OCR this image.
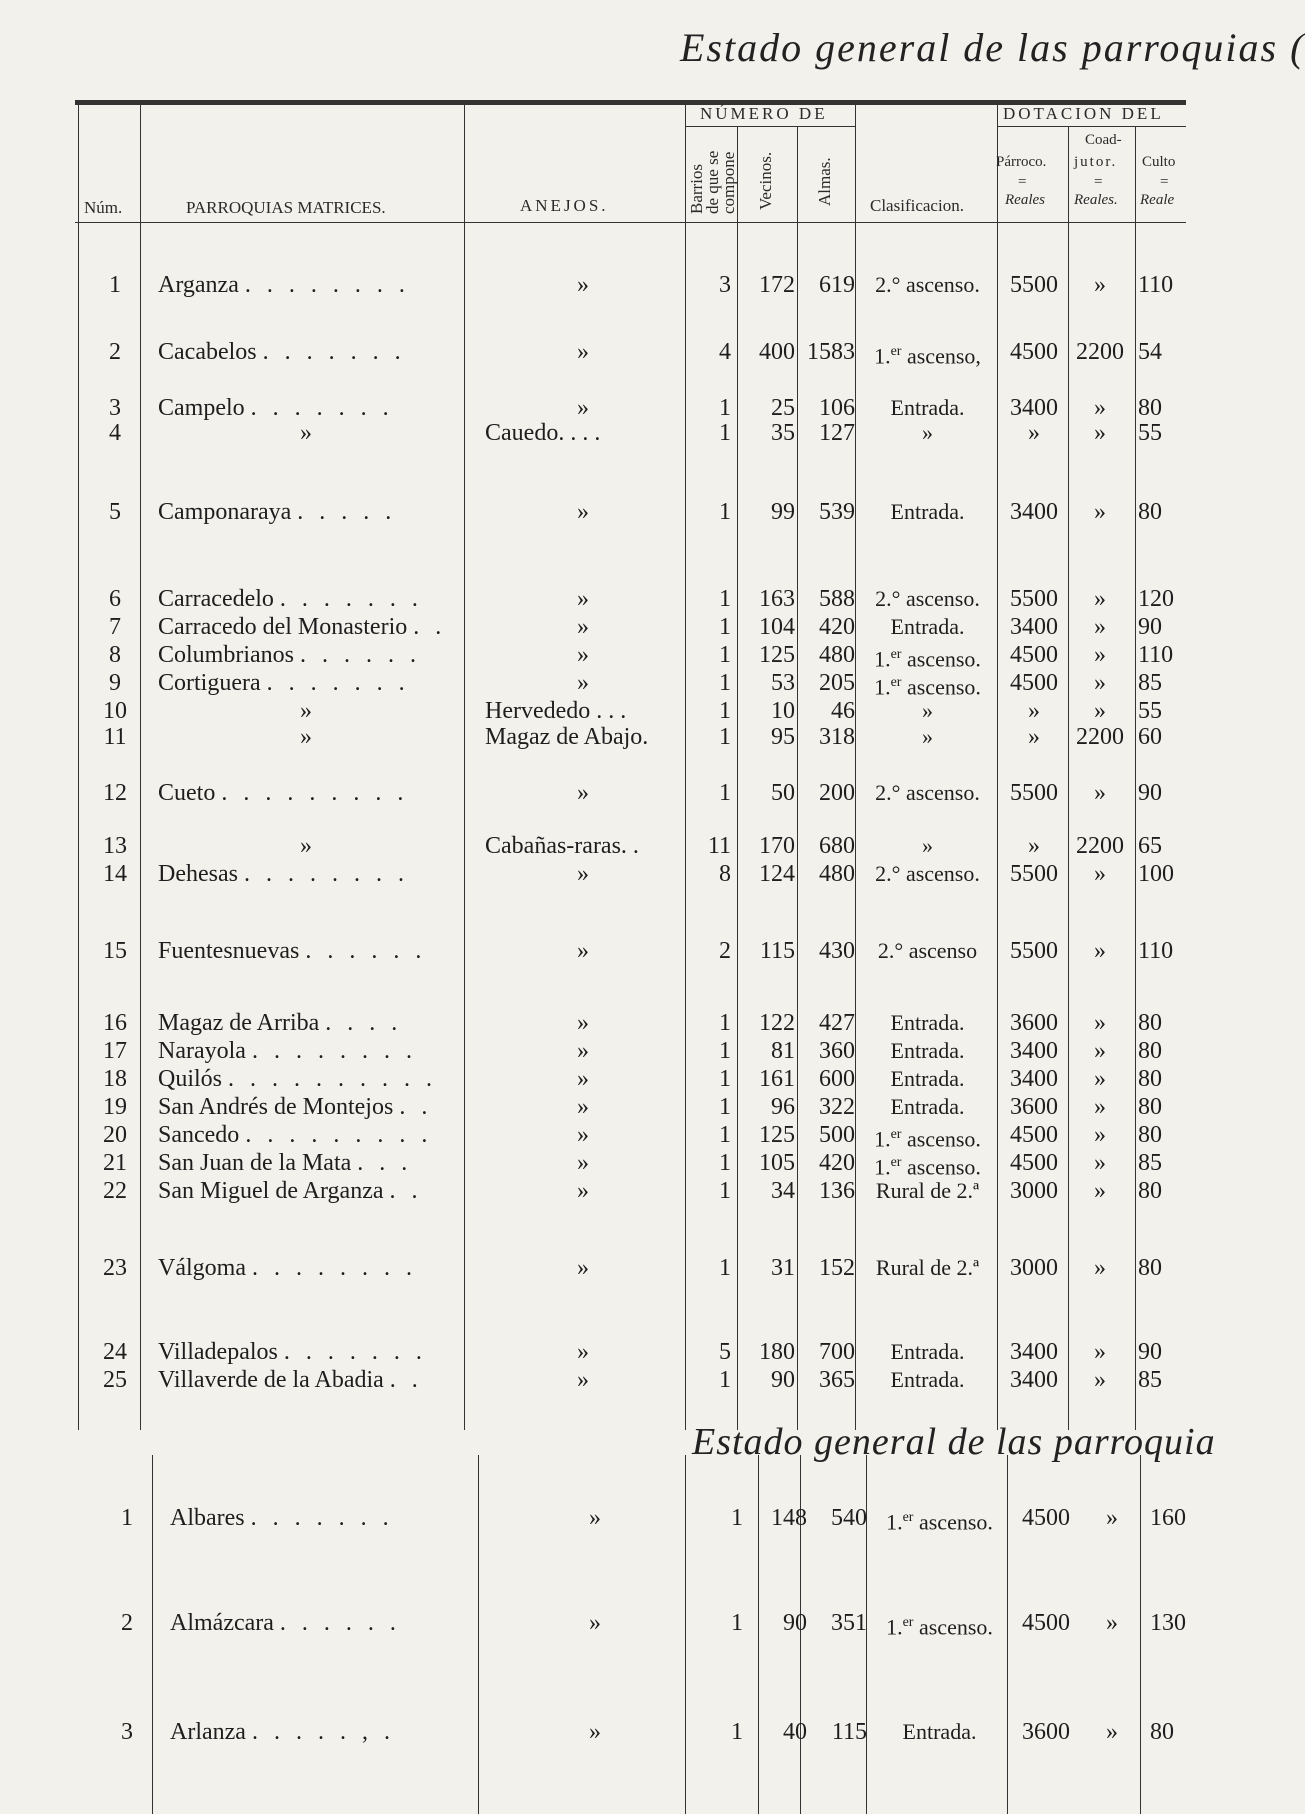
Estado general de las parroquias (
Núm.	PARROQUIAS MATRICES.	ANEJOS.
NÚMERO DE
Barrios
de que se
compone Vecinos. Almas. Clasificacion.
DOTACION DEL
Coad-
Párroco. jutor. Culto
=	=	=
Reales Reales. Reale
1	Arganza . . . . . . . .	»	3	172	619 2.° ascenso.	5500	»	110
2	Cacabelos . . . . . . .	»	4	400 1583 1.$^{er}$ ascenso,	4500 2200 54
3	Campelo . . . . . . .	»	1	25	106	Entrada.	3400	»	80
4	»	Cauedo. . . .	1	35	127	»	»	»	55
5	Camponaraya . . . . .	»	1	99	539	Entrada.	3400	»	80
6	Carracedelo . . . . . . .	»	1	163	588 2.° ascenso.	5500	»	120
7	Carracedo del Monasterio . .	»	1	104	420	Entrada.	3400	»	90
8	Columbrianos . . . . . .	»	1	125	480 1.$^{er}$ ascenso.	4500	»	110
9	Cortiguera . . . . . . .	»	1	53	205 1.$^{er}$ ascenso.	4500	»	85
10	»	Hervededo . . .	1	10	46	»	»	»	55
11	»	Magaz de Abajo.	1	95	318	»	»	2200 60
12	Cueto . . . . . . . . .	»	1	50	200 2.° ascenso.	5500	»	90
13	»	Cabañas-raras. .	11	170	680	»	»	2200 65
14	Dehesas . . . . . . . .	»	8	124	480 2.° ascenso.	5500	»	100
15	Fuentesnuevas . . . . . .	»	2	115	430	2.° ascenso	5500	»	110
16	Magaz de Arriba . . . .	»	1	122	427	Entrada.	3600	»	80
17	Narayola . . . . . . . .	»	1	81	360	Entrada.	3400	»	80
18	Quilós . . . . . . . . . .	»	1	161	600	Entrada.	3400	»	80
19	San Andrés de Montejos . .	»	1	96	322	Entrada.	3600	»	80
20	Sancedo . . . . . . . . .	»	1	125	500 1.$^{er}$ ascenso.	4500	»	80
21	San Juan de la Mata . . .	»	1	105	420 1.$^{er}$ ascenso.	4500	»	85
22	San Miguel de Arganza . .	»	1	34	136 Rural de 2.ª	3000	»	80
23	Válgoma . . . . . . . .	»	1	31	152 Rural de 2.ª	3000	»	80
24	Villadepalos . . . . . . .	»	5	180	700	Entrada.	3400	»	90
25	Villaverde de la Abadia . .	»	1	90	365	Entrada.	3400	»	85
Estado general de las parroquia
1	Albares . . . . . . .	»	1	148	540 1.$^{er}$ ascenso.	4500	»	160
2	Almázcara . . . . . .	»	1	90	351 1.$^{er}$ ascenso.	4500	»	130
3	Arlanza . . . . . , .	»	1	40	115	Entrada.	3600	»	80
